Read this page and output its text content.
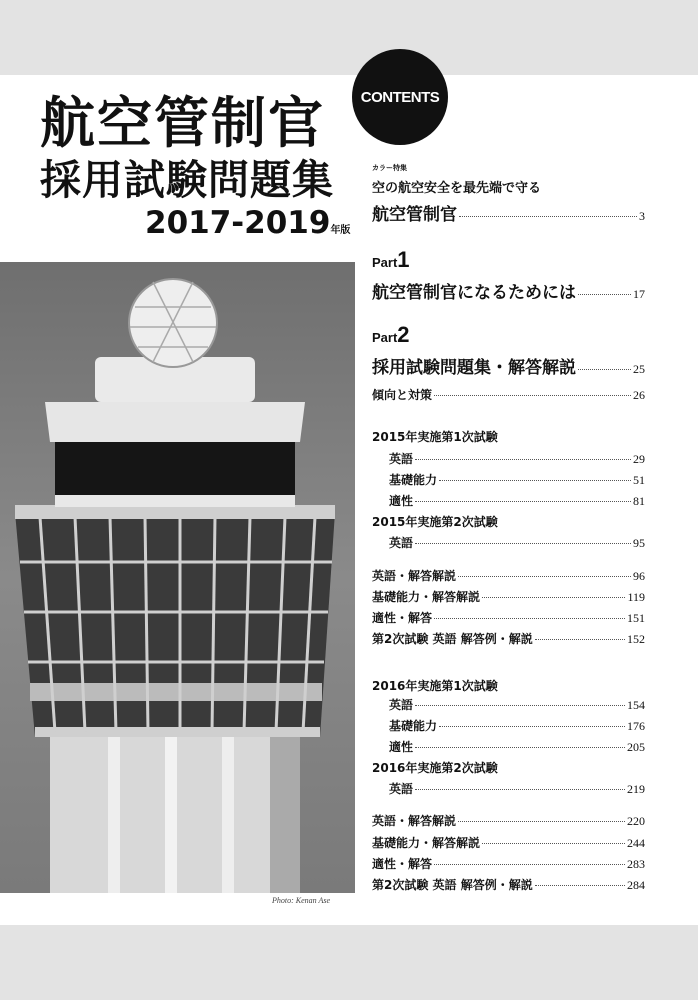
航空管制官
採用試験問題集
2017-2019年版
CONTENTS
Photo: Kenan Ase
カラー特集
空の航空安全を最先端で守る
航空管制官	3
Part1
航空管制官になるためには	17
Part2
採用試験問題集・解答解説	25
傾向と対策	26
2015年実施第1次試験
英語	29
基礎能力	51
適性	81
2015年実施第2次試験
英語	95
英語・解答解説	96
基礎能力・解答解説	119
適性・解答	151
第2次試験 英語 解答例・解説	152
2016年実施第1次試験
英語	154
基礎能力	176
適性	205
2016年実施第2次試験
英語	219
英語・解答解説	220
基礎能力・解答解説	244
適性・解答	283
第2次試験 英語 解答例・解説	284
